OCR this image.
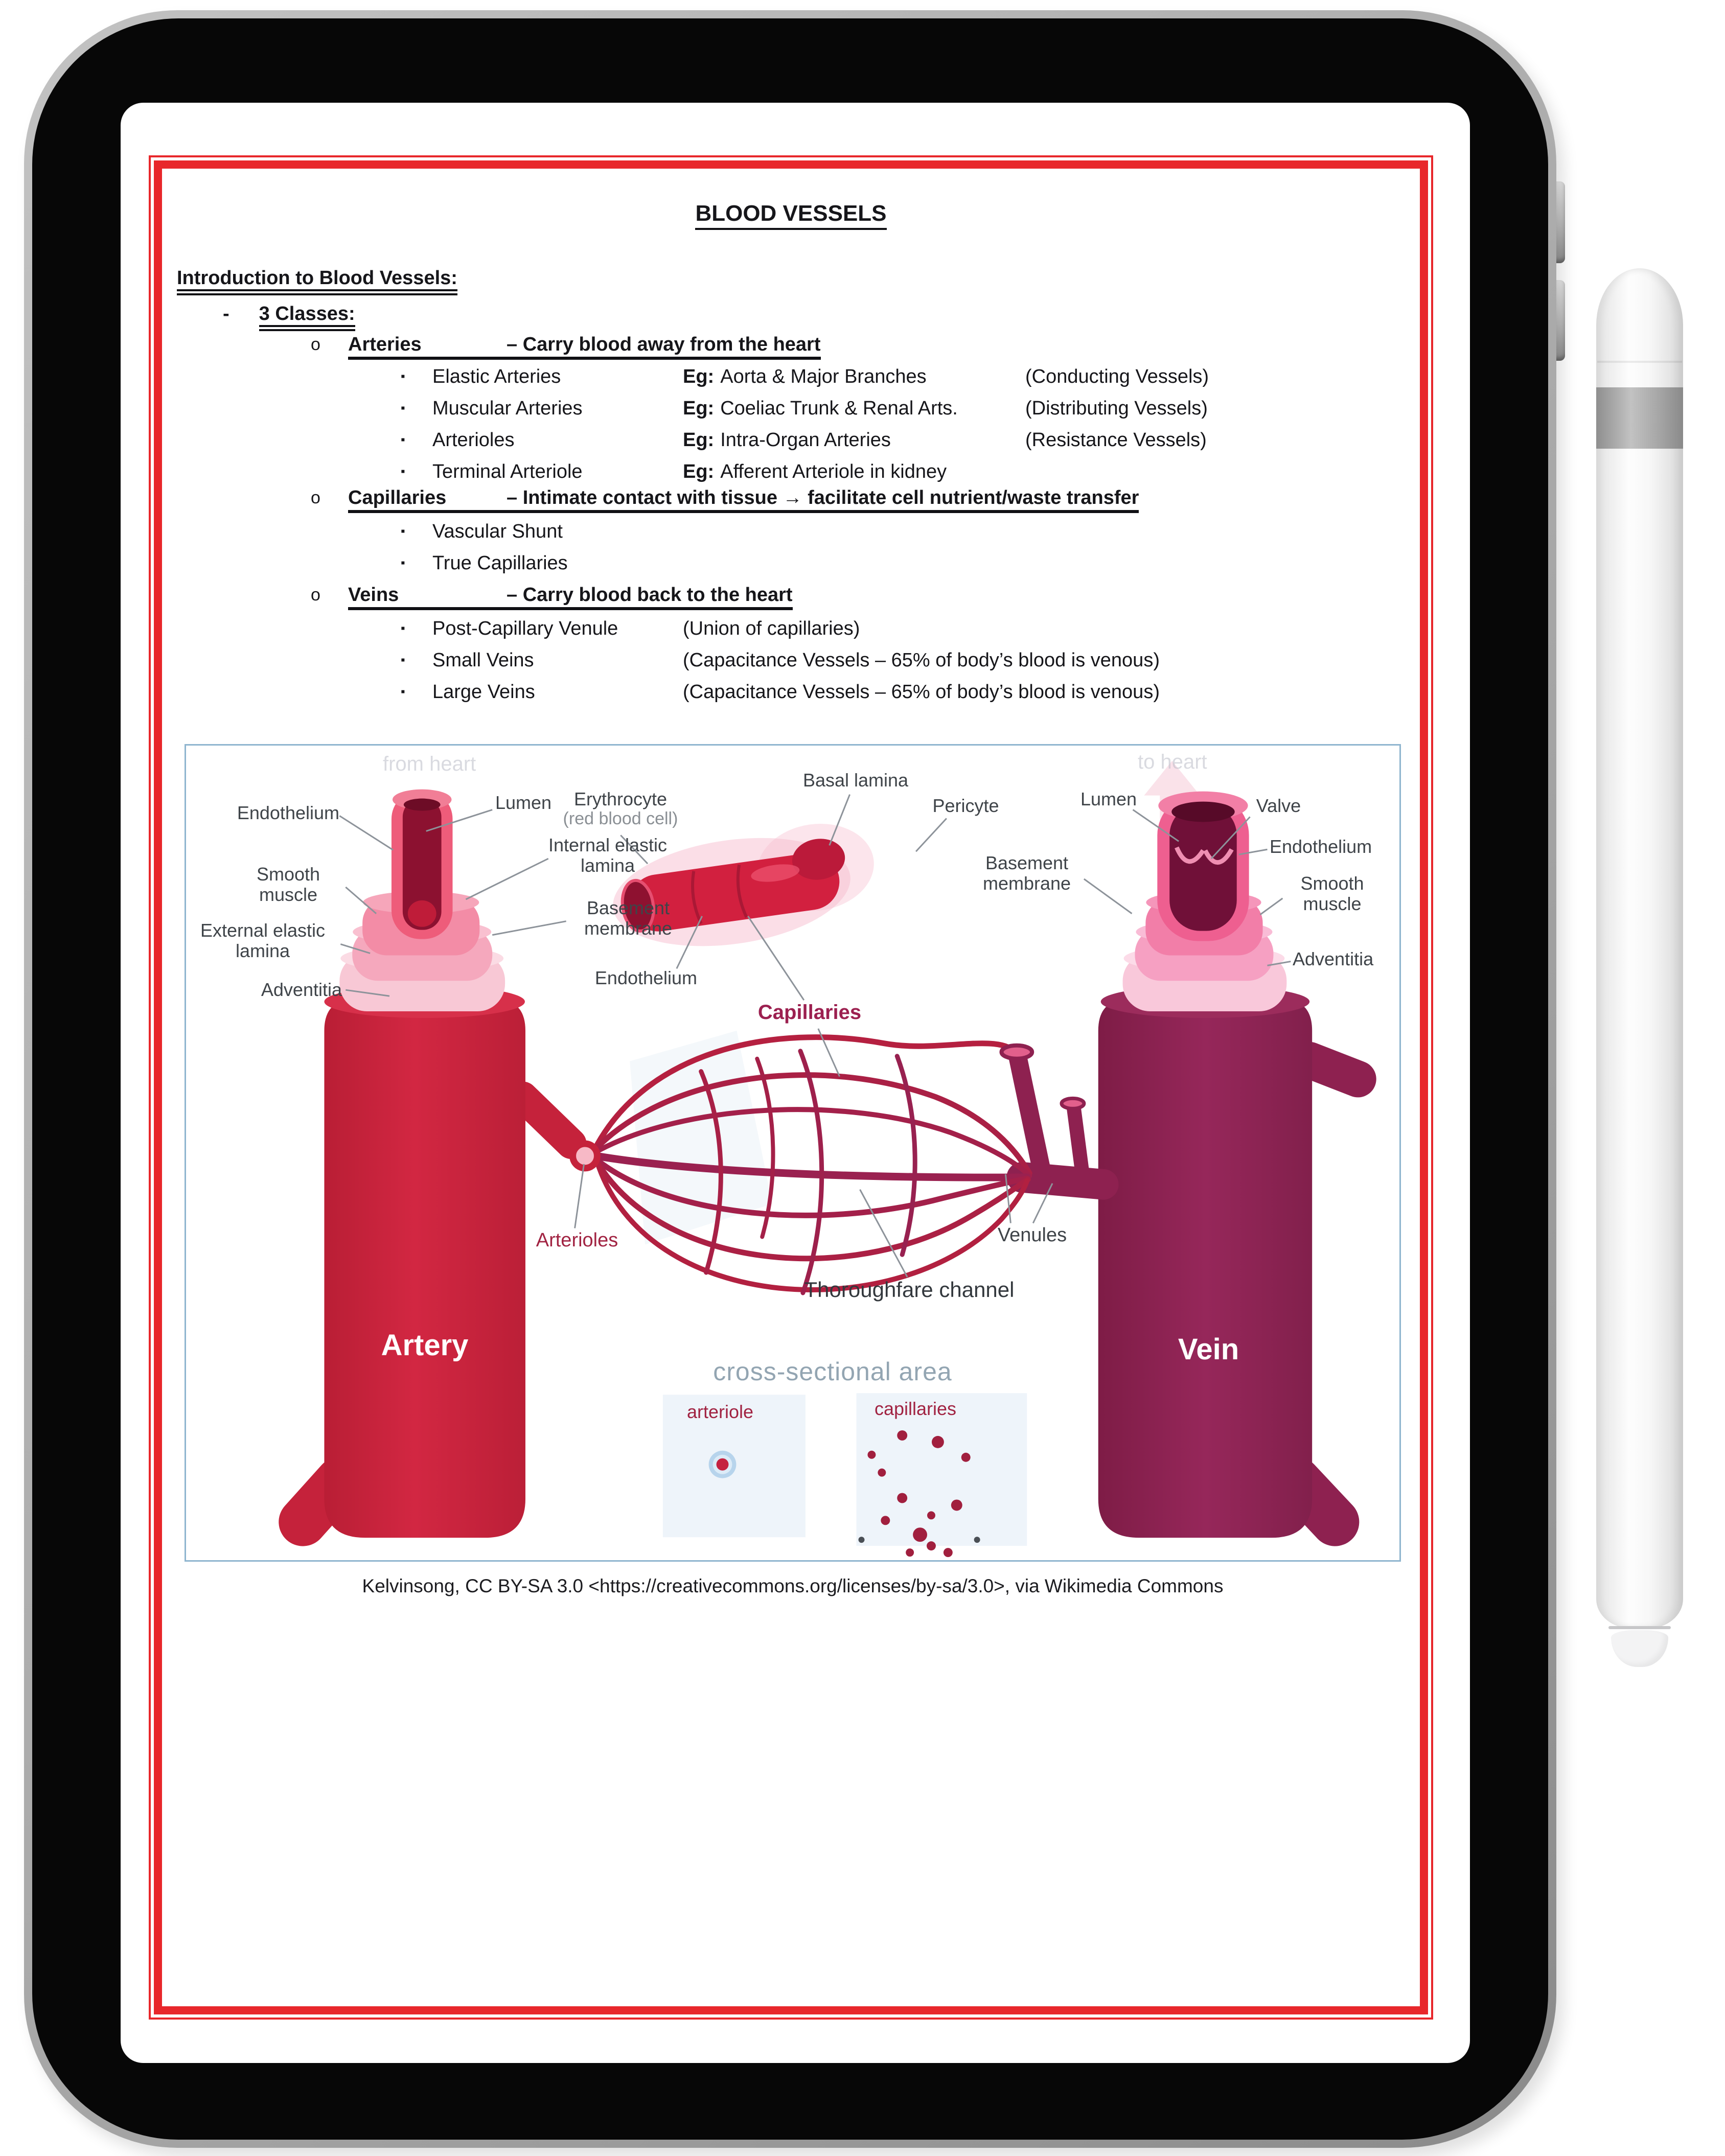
BLOOD VESSELS
Introduction to Blood Vessels:
- 3 Classes:
o Arteries	– Carry blood away from the heart
▪ Elastic Arteries	Eg: Aorta & Major Branches	(Conducting Vessels)
▪ Muscular Arteries	Eg: Coeliac Trunk & Renal Arts.	(Distributing Vessels)
▪ Arterioles	Eg: Intra-Organ Arteries	(Resistance Vessels)
▪ Terminal Arteriole	Eg: Afferent Arteriole in kidney
o Capillaries	– Intimate contact with tissue → facilitate cell nutrient/waste transfer
▪ Vascular Shunt
▪ True Capillaries
o Veins	– Carry blood back to the heart
▪ Post-Capillary Venule	(Union of capillaries)
▪ Small Veins	(Capacitance Vessels – 65% of body’s blood is venous)
▪ Large Veins	(Capacitance Vessels – 65% of body’s blood is venous)
from heart	to heart
Endothelium	Lumen
Internal elastic lamina
Smooth muscle
Basement membrane
External elastic lamina
Adventitia
Erythrocyte
(red blood cell)
Basal lamina
Pericyte
Endothelium
Capillaries
Lumen	Valve
Endothelium
Smooth muscle
Basement membrane
Adventitia
Artery	Vein
Arterioles	Venules
Thoroughfare channel
cross-sectional area
arteriole	capillaries
Kelvinsong, CC BY-SA 3.0 <https://creativecommons.org/licenses/by-sa/3.0>, via Wikimedia Commons
